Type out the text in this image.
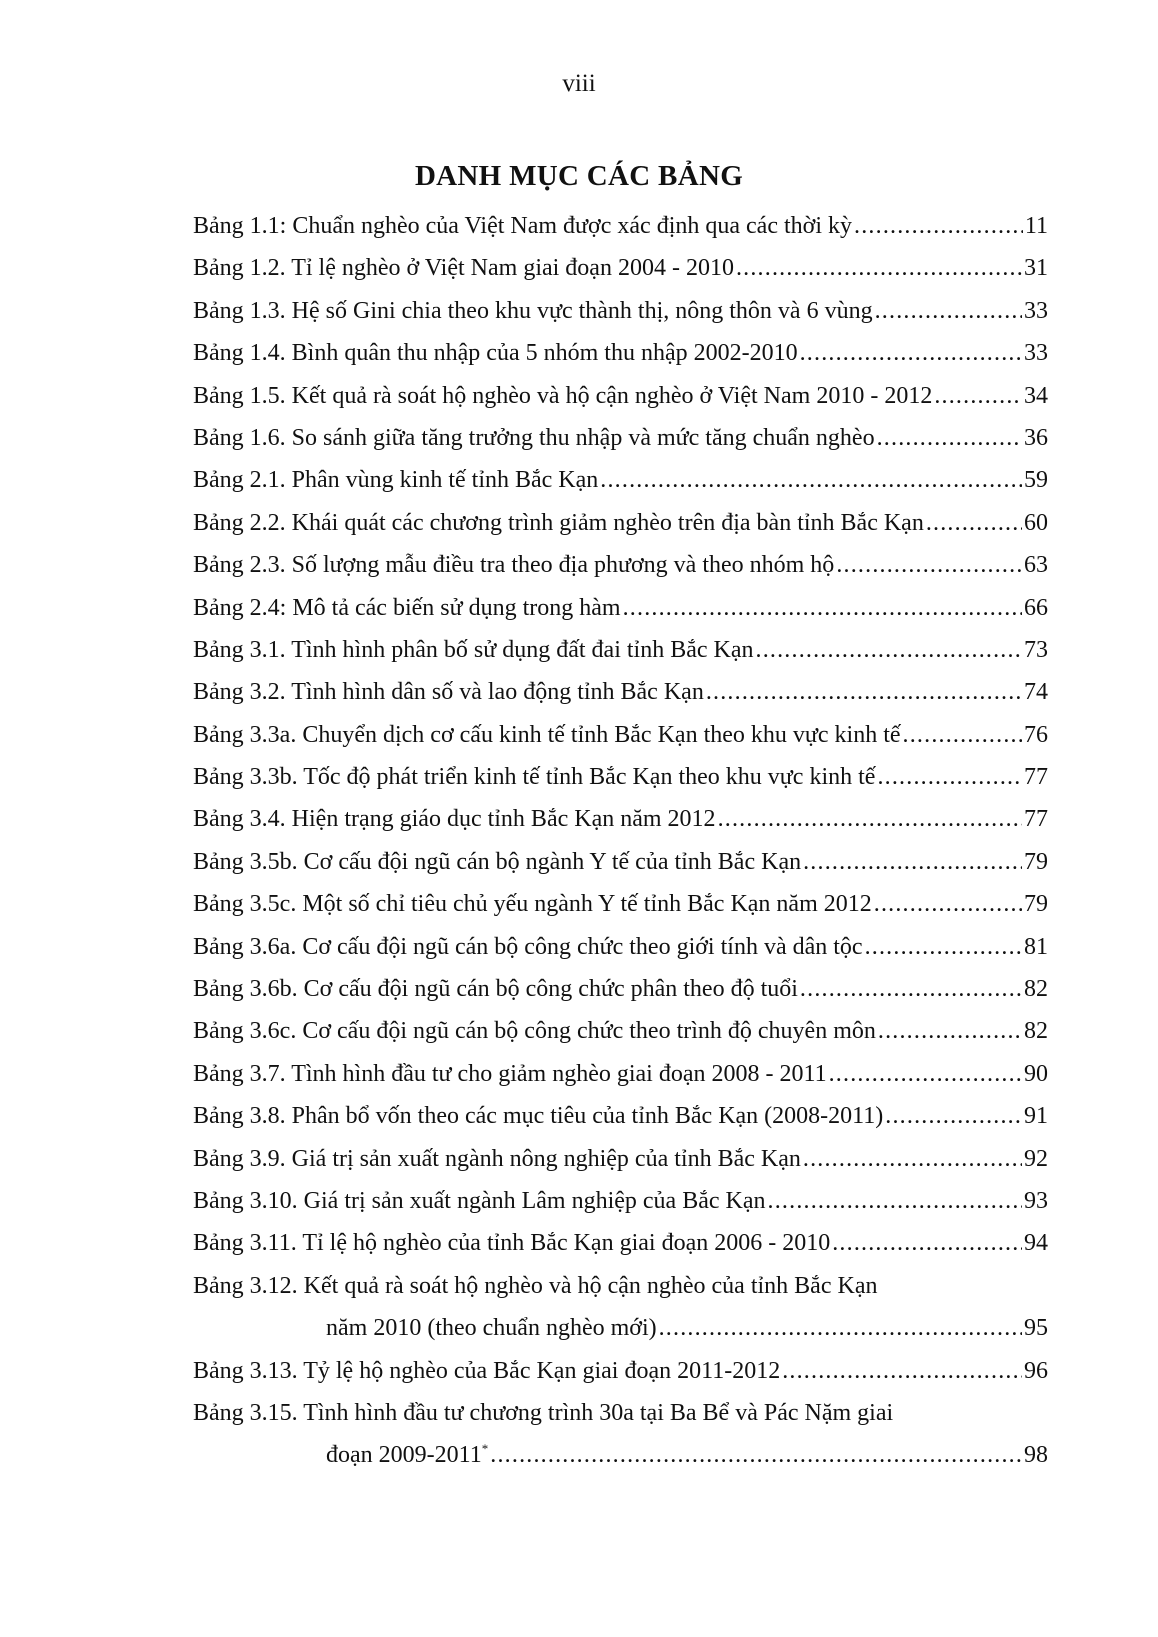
viii
DANH MỤC CÁC BẢNG
Bảng 1.1: Chuẩn nghèo của Việt Nam được xác định qua các thời kỳ . . .	11
Bảng 1.2. Tỉ lệ nghèo ở Việt Nam giai đoạn 2004 - 2010 . . .	31
Bảng 1.3. Hệ số Gini chia theo khu vực thành thị, nông thôn và 6 vùng . . .	33
Bảng 1.4. Bình quân thu nhập của 5 nhóm thu nhập 2002-2010 . . .	33
Bảng 1.5. Kết quả rà soát hộ nghèo và hộ cận nghèo ở Việt Nam 2010 - 2012 . . .	34
Bảng 1.6. So sánh giữa tăng trưởng thu nhập và mức tăng chuẩn nghèo . . .	36
Bảng 2.1. Phân vùng kinh tế tỉnh Bắc Kạn . . .	59
Bảng 2.2. Khái quát các chương trình giảm nghèo trên địa bàn tỉnh Bắc Kạn . . .	60
Bảng 2.3. Số lượng mẫu điều tra theo địa phương và theo nhóm hộ . . .	63
Bảng 2.4: Mô tả các biến sử dụng trong hàm . . .	66
Bảng 3.1. Tình hình phân bố sử dụng đất đai tỉnh Bắc Kạn . . .	73
Bảng 3.2. Tình hình dân số và lao động tỉnh Bắc Kạn . . .	74
Bảng 3.3a. Chuyển dịch cơ cấu kinh tế tỉnh Bắc Kạn theo khu vực kinh tế . . .	76
Bảng 3.3b. Tốc độ phát triển kinh tế tỉnh Bắc Kạn theo khu vực kinh tế . . .	77
Bảng 3.4. Hiện trạng giáo dục tỉnh Bắc Kạn năm 2012 . . .	77
Bảng 3.5b. Cơ cấu đội ngũ cán bộ ngành Y tế của tỉnh Bắc Kạn . . .	79
Bảng 3.5c. Một số chỉ tiêu chủ yếu ngành Y tế tỉnh Bắc Kạn năm 2012 . . .	79
Bảng 3.6a. Cơ cấu đội ngũ cán bộ công chức theo giới tính và dân tộc . . .	81
Bảng 3.6b. Cơ cấu đội ngũ cán bộ công chức phân theo độ tuổi . . .	82
Bảng 3.6c. Cơ cấu đội ngũ cán bộ công chức theo trình độ chuyên môn . . .	82
Bảng 3.7. Tình hình đầu tư cho giảm nghèo giai đoạn 2008 - 2011 . . .	90
Bảng 3.8. Phân bổ vốn theo các mục tiêu của tỉnh Bắc Kạn (2008-2011) . . .	91
Bảng 3.9. Giá trị sản xuất ngành nông nghiệp của tỉnh Bắc Kạn . . .	92
Bảng 3.10. Giá trị sản xuất ngành Lâm nghiệp của Bắc Kạn . . .	93
Bảng 3.11. Tỉ lệ hộ nghèo của tỉnh Bắc Kạn giai đoạn 2006 - 2010 . . .	94
Bảng 3.12. Kết quả rà soát hộ nghèo và hộ cận nghèo của tỉnh Bắc Kạn
năm 2010 (theo chuẩn nghèo mới) . . .	95
Bảng 3.13. Tỷ lệ hộ nghèo của Bắc Kạn giai đoạn 2011-2012 . . .	96
Bảng 3.15. Tình hình đầu tư chương trình 30a tại Ba Bể và Pác Nặm giai
đoạn 2009-2011* . . .	98
